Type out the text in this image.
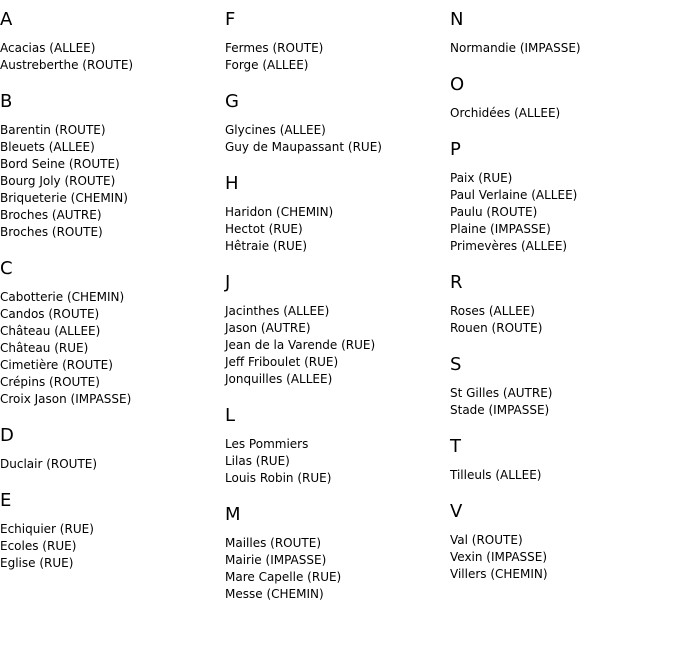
A
Acacias (ALLEE)
Austreberthe (ROUTE)
B
Barentin (ROUTE)
Bleuets (ALLEE)
Bord Seine (ROUTE)
Bourg Joly (ROUTE)
Briqueterie (CHEMIN)
Broches (AUTRE)
Broches (ROUTE)
C
Cabotterie (CHEMIN)
Candos (ROUTE)
Château (ALLEE)
Château (RUE)
Cimetière (ROUTE)
Crépins (ROUTE)
Croix Jason (IMPASSE)
D
Duclair (ROUTE)
E
Echiquier (RUE)
Ecoles (RUE)
Eglise (RUE)
F
Fermes (ROUTE)
Forge (ALLEE)
G
Glycines (ALLEE)
Guy de Maupassant (RUE)
H
Haridon (CHEMIN)
Hectot (RUE)
Hêtraie (RUE)
J
Jacinthes (ALLEE)
Jason (AUTRE)
Jean de la Varende (RUE)
Jeff Friboulet (RUE)
Jonquilles (ALLEE)
L
Les Pommiers
Lilas (RUE)
Louis Robin (RUE)
M
Mailles (ROUTE)
Mairie (IMPASSE)
Mare Capelle (RUE)
Messe (CHEMIN)
N
Normandie (IMPASSE)
O
Orchidées (ALLEE)
P
Paix (RUE)
Paul Verlaine (ALLEE)
Paulu (ROUTE)
Plaine (IMPASSE)
Primevères (ALLEE)
R
Roses (ALLEE)
Rouen (ROUTE)
S
St Gilles (AUTRE)
Stade (IMPASSE)
T
Tilleuls (ALLEE)
V
Val (ROUTE)
Vexin (IMPASSE)
Villers (CHEMIN)
